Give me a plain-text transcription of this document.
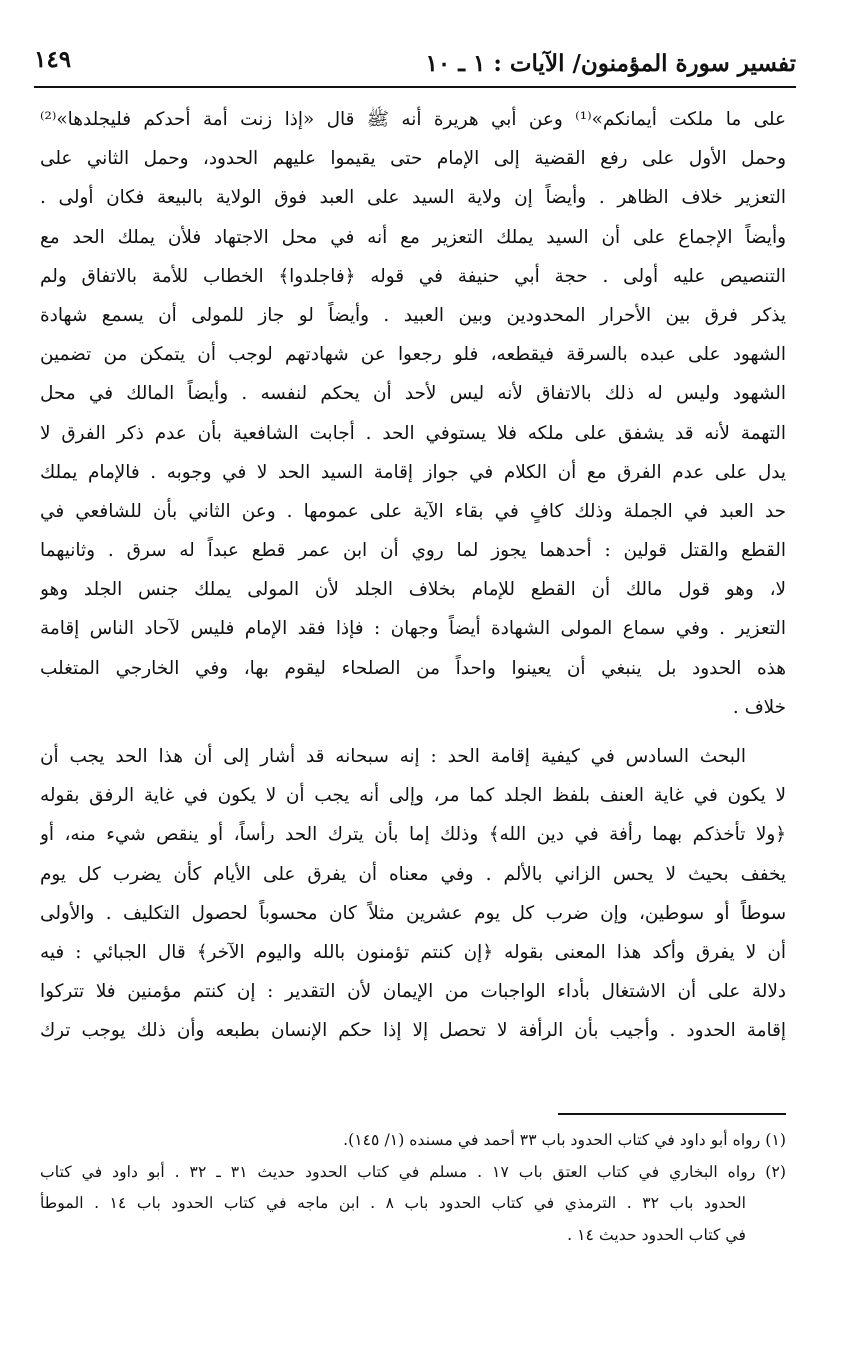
تفسير سورة المؤمنون/ الآيات : ١ ـ ١٠
١٤٩
على ما ملكت أيمانكم»⁽¹⁾ وعن أبي هريرة أنه ﷺ قال «إذا زنت أمة أحدكم فليجلدها»⁽²⁾
وحمل الأول على رفع القضية إلى الإمام حتى يقيموا عليهم الحدود، وحمل الثاني على
التعزير خلاف الظاهر . وأيضاً إن ولاية السيد على العبد فوق الولاية بالبيعة فكان أولى .
وأيضاً الإجماع على أن السيد يملك التعزير مع أنه في محل الاجتهاد فلأن يملك الحد مع
التنصيص عليه أولى . حجة أبي حنيفة في قوله ﴿فاجلدوا﴾ الخطاب للأمة بالاتفاق ولم
يذكر فرق بين الأحرار المحدودين وبين العبيد . وأيضاً لو جاز للمولى أن يسمع شهادة
الشهود على عبده بالسرقة فيقطعه، فلو رجعوا عن شهادتهم لوجب أن يتمكن من تضمين
الشهود وليس له ذلك بالاتفاق لأنه ليس لأحد أن يحكم لنفسه . وأيضاً المالك في محل
التهمة لأنه قد يشفق على ملكه فلا يستوفي الحد . أجابت الشافعية بأن عدم ذكر الفرق لا
يدل على عدم الفرق مع أن الكلام في جواز إقامة السيد الحد لا في وجوبه . فالإمام يملك
حد العبد في الجملة وذلك كافٍ في بقاء الآية على عمومها . وعن الثاني بأن للشافعي في
القطع والقتل قولين : أحدهما يجوز لما روي أن ابن عمر قطع عبداً له سرق . وثانيهما
لا، وهو قول مالك أن القطع للإمام بخلاف الجلد لأن المولى يملك جنس الجلد وهو
التعزير . وفي سماع المولى الشهادة أيضاً وجهان : فإذا فقد الإمام فليس لآحاد الناس إقامة
هذه الحدود بل ينبغي أن يعينوا واحداً من الصلحاء ليقوم بها، وفي الخارجي المتغلب
خلاف .
البحث السادس في كيفية إقامة الحد : إنه سبحانه قد أشار إلى أن هذا الحد يجب أن
لا يكون في غاية العنف بلفظ الجلد كما مر، وإلى أنه يجب أن لا يكون في غاية الرفق بقوله
﴿ولا تأخذكم بهما رأفة في دين الله﴾ وذلك إما بأن يترك الحد رأساً، أو ينقص شيء منه، أو
يخفف بحيث لا يحس الزاني بالألم . وفي معناه أن يفرق على الأيام كأن يضرب كل يوم
سوطاً أو سوطين، وإن ضرب كل يوم عشرين مثلاً كان محسوباً لحصول التكليف . والأولى
أن لا يفرق وأكد هذا المعنى بقوله ﴿إن كنتم تؤمنون بالله واليوم الآخر﴾ قال الجبائي : فيه
دلالة على أن الاشتغال بأداء الواجبات من الإيمان لأن التقدير : إن كنتم مؤمنين فلا تتركوا
إقامة الحدود . وأجيب بأن الرأفة لا تحصل إلا إذا حكم الإنسان بطبعه وأن ذلك يوجب ترك
(١) رواه أبو داود في كتاب الحدود باب ٣٣ أحمد في مسنده (١/ ١٤٥).
(٢) رواه البخاري في كتاب العتق باب ١٧ . مسلم في كتاب الحدود حديث ٣١ ـ ٣٢ . أبو داود في كتاب
الحدود باب ٣٢ . الترمذي في كتاب الحدود باب ٨ . ابن ماجه في كتاب الحدود باب ١٤ . الموطأ
في كتاب الحدود حديث ١٤ .
